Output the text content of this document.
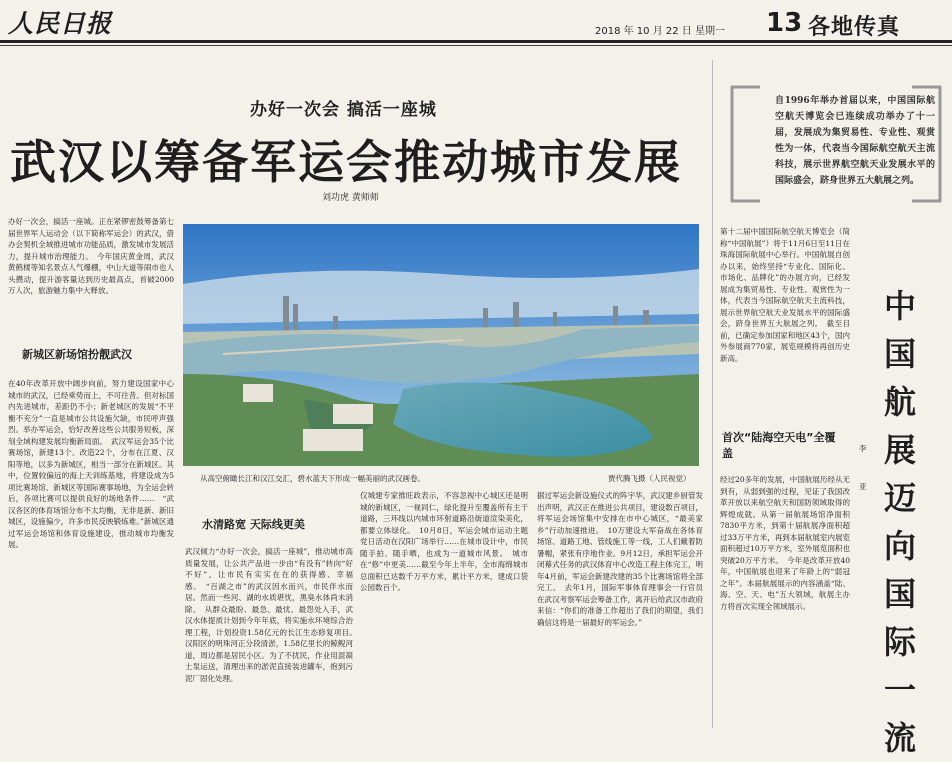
人民日报	2018 年 10 月 22 日 星期一 13 各地传真
办好一次会 搞活一座城
武汉以筹备军运会推动城市发展
刘功虎 黄师师
办好一次会，搞活一座城。正在紧锣密鼓筹备第七届世界军人运动会（以下简称军运会）的武汉，借办会契机全域推进城市功能品质，激发城市发展活力，提升城市治理能力。　今年国庆黄金周，武汉黄鹤楼等知名景点人气爆棚，中山大道等闹市也人头攒动，提升游客量达到历史最高点，首破2000万人次，旅游魅力集中大释放。
新城区新场馆扮靓武汉
在40年改革开放中阔步向前，努力建设国家中心城市的武汉，已经乘势而上，不可往昔。但对标国内先进城市，差距仍不小；新老城区的发展“不平衡不充分”一直是城市公共设施欠缺，市民呼声强烈。举办军运会，恰好改善这些公共服务短板，深刻全域构建发展均衡新局面。　武汉军运会35个比赛场馆，新建13个、改造22个，分布在江夏、汉阳等地，以多为新城区，相当一部分在新城区。其中，位置较偏远的海上天训练基地，将建设成为5项比赛场馆、新城区等国际赛事场地，为全运会转后，各项比赛可以提供良好的场地条件……　“武汉各区的体育场馆分布不太均衡，无非是新、新旧城区，设施偏少，许多市民反映锻炼难。”新城区通过军运会场馆和体育设施建设，推动城市均衡发展。
从高空俯瞰长江和汉江交汇，碧水蓝天下形成一幅美丽的武汉画卷。	贾代腾飞摄（人民视觉）
水清路宽 天际线更美
武汉倾力“办好一次会，搞活一座城”，推动城市高质量发展，让公共产品进一步由“有没有”转向“好不好”，让市民有实实在在的获得感、幸福感。　“百湖之市”的武汉因水而兴，市民伴水而居。然而一些河、湖的水质堪忧，黑臭水体尚未消除。　从群众最盼、最急、最忧、最怨处入手，武汉水体提质计划到今年年底，将实施水环境综合治理工程，计划投资1.58亿元的长江生态修复项目。　汉阳区的明珠河正分段清淤，1.58亿里长的鲸鲵河道，周边都是居民小区。为了不扰民，作业用混凝土泵运送，清理出来的淤泥直接装进罐车，抱到污泥厂固化处理。
仅城建专家推旺政表示，不容忽视中心城区还是明城的新城区，一视同仁，绿化提升至覆盖所有主干道路，三环线以内城市环射道路沿街道渲染美化，都要立体绿化。　10月8日，军运会城市运动主题党日活动在汉阳广场举行……在城市设计中，市民随手拍、随手晒，也成为一道城市风景。　城市在“修”中更美……截至今年上半年，全市海绵城市总面积已达数千万平方米，累计平方米，建成口袋公园数百个。
据过军运会新设施仪式的阵宇华，武汉建乡厨管发出声明，武汉正在推进公共项目，建设数百项目，将军运会场馆集中安排在市中心城区，“最美家乡”行动加速推进。　10万建设大军奋战在各体育场馆、道路工地、管线施工等一线，工人们戴着防暑帽，紧张有序地作业。9月12日，承担军运会开闭幕式任务的武汉体育中心改造工程主体完工，明年4月前，军运会新建改建的35个比赛场馆将全部完工。　去年1月，国际军事体育理事会一行官员在武汉考察军运会筹备工作，离开后给武汉市政府来信：“你们的准备工作超出了我们的期望，我们确信这将是一届最好的军运会。”
自1996年举办首届以来，中国国际航空航天博览会已连续成功举办了十一届，发展成为集贸易性、专业性、观赏性为一体，代表当今国际航空航天主流科技，展示世界航空航天业发展水平的国际盛会，跻身世界五大航展之列。
第十二届中国国际航空航天博览会（简称“中国航展”）将于11月6日至11日在珠海国际航展中心举行。中国航展自创办以来，始终坚持“专业化、国际化、市场化、品牌化”的办展方向，已经发展成为集贸易性、专业性、观赏性为一体，代表当今国际航空航天主流科技，展示世界航空航天业发展水平的国际盛会，跻身世界五大航展之列。　截至目前，已确定参加国家和地区43个，国内外参展商770家，展览规模将再创历史新高。
首次“陆海空天电”全覆盖
经过20多年的发展，中国航展历经从无到有，从弱到强的过程，见证了我国改革开放以来航空航天和国防领域取得的辉煌成就。从第一届航展场馆净面积7830平方米，到第十届航展净面积超过33万平方米，再到本届航展室内展览面积超过10万平方米，室外展览面积也突破20万平方米。　今年是改革开放40年，中国航展也迎来了年龄上的“弱冠之年”。本届航展展示的内容涵盖“陆、海、空、天、电”五大领域，航展主办方将首次实现全领域展示。
中国航展迈向国际一流
李 亚
